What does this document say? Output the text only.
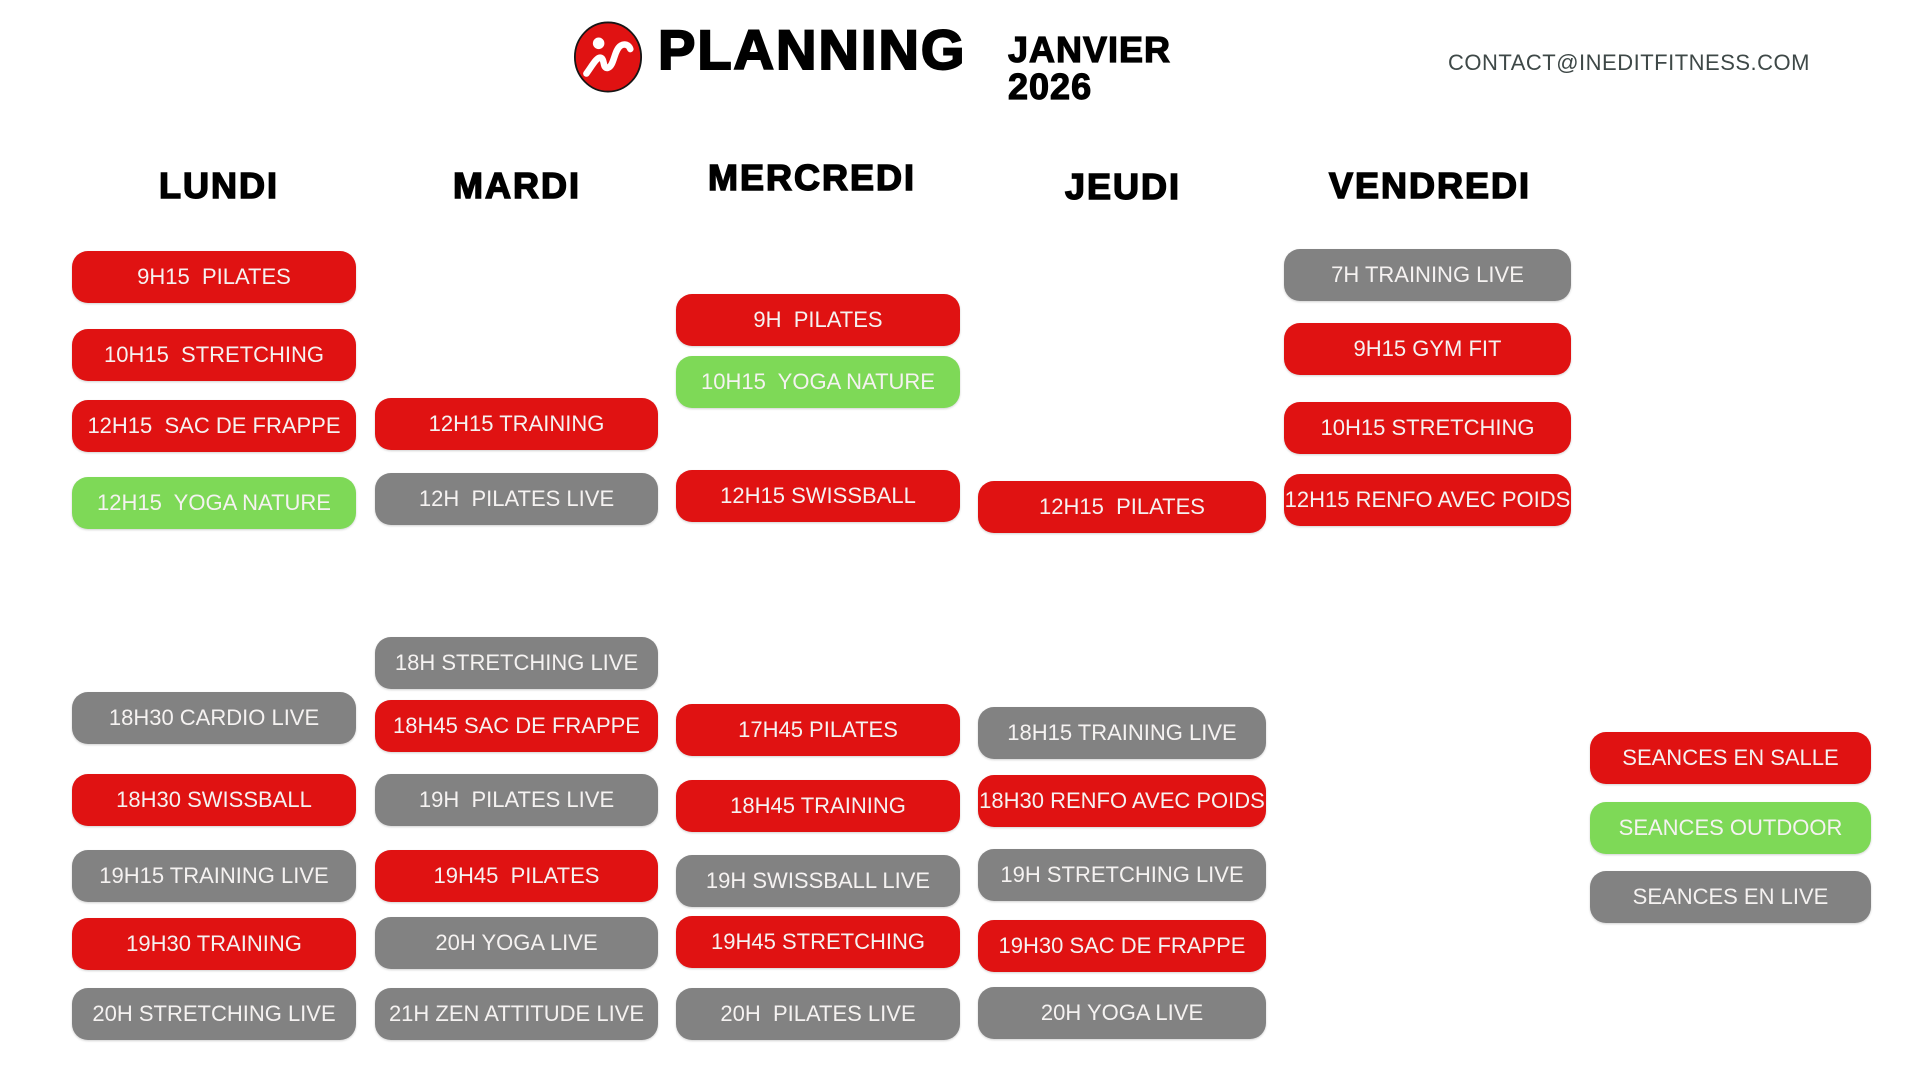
PLANNING JANVIER
2026
CONTACT@INEDITFITNESS.COM
LUNDI
9H15  PILATES
10H15  STRETCHING
12H15  SAC DE FRAPPE
12H15  YOGA NATURE
18H30 CARDIO LIVE
18H30 SWISSBALL
19H15 TRAINING LIVE
19H30 TRAINING
20H STRETCHING LIVE
MARDI
12H15 TRAINING
12H  PILATES LIVE
18H STRETCHING LIVE
18H45 SAC DE FRAPPE
19H  PILATES LIVE
19H45  PILATES
20H YOGA LIVE
21H ZEN ATTITUDE LIVE
MERCREDI
9H  PILATES
10H15  YOGA NATURE
12H15 SWISSBALL
17H45 PILATES
18H45 TRAINING
19H SWISSBALL LIVE
19H45 STRETCHING
20H  PILATES LIVE
JEUDI
12H15  PILATES
18H15 TRAINING LIVE
18H30 RENFO AVEC POIDS
19H STRETCHING LIVE
19H30 SAC DE FRAPPE
20H YOGA LIVE
VENDREDI
7H TRAINING LIVE
9H15 GYM FIT
10H15 STRETCHING
12H15 RENFO AVEC POIDS
SEANCES EN SALLE
SEANCES OUTDOOR
SEANCES EN LIVE
